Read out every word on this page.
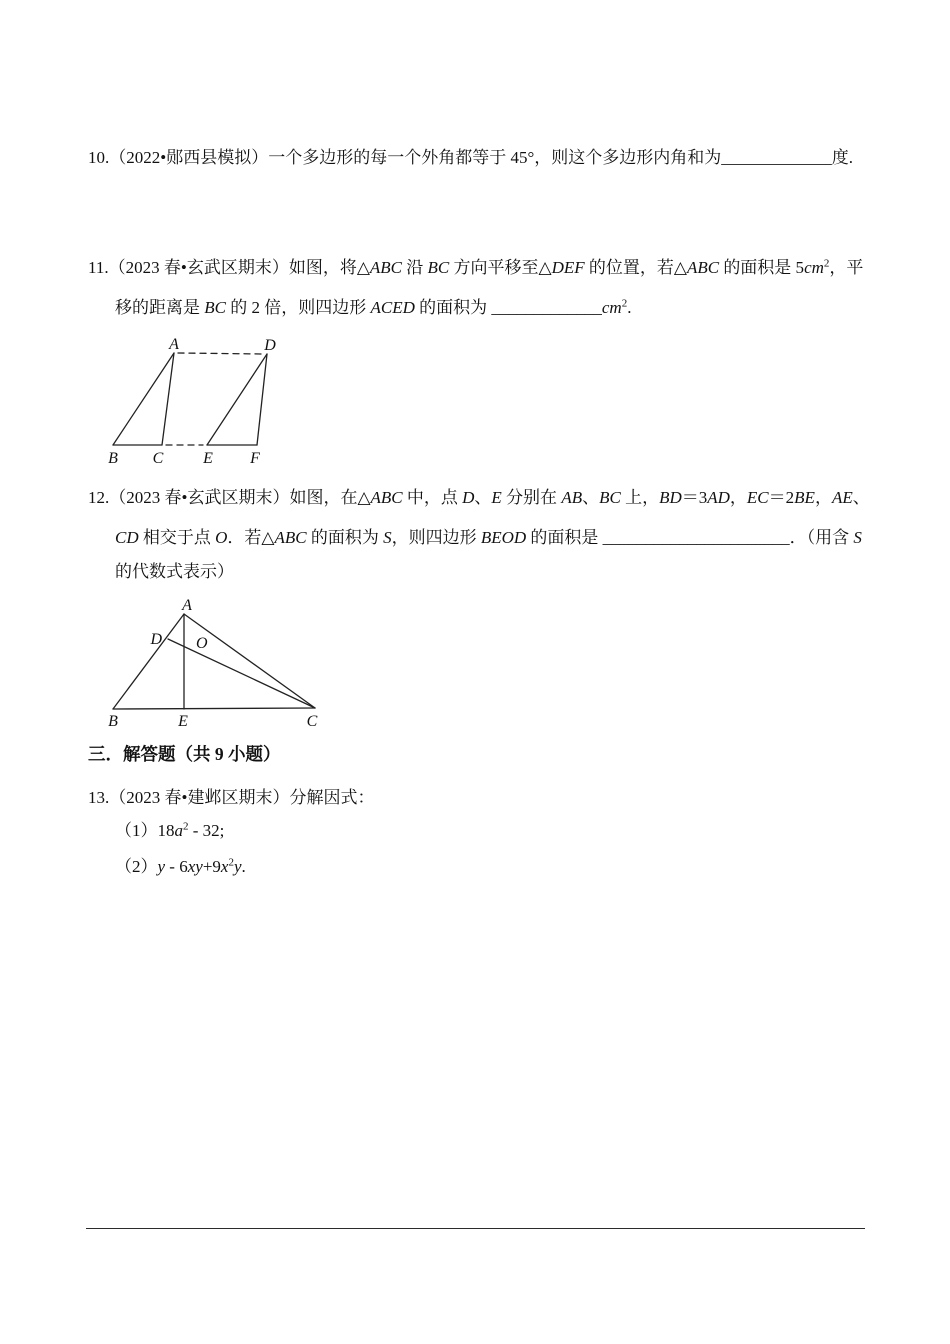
10.（2022•郧西县模拟）一个多边形的每一个外角都等于 45°，则这个多边形内角和为_____________度.
11.（2023 春•玄武区期末）如图，将△ABC 沿 BC 方向平移至△DEF 的位置，若△ABC 的面积是 $5cm^2$，平
移的距离是 BC 的 2 倍，则四边形 ACED 的面积为 $\_\_\_\_\_\_\_\_\_\_\_\_\_cm^2$.
A	D
B C E F
12.（2023 春•玄武区期末）如图，在△ABC 中，点 D、E 分别在 AB、BC 上，BD＝3AD，EC＝2BE，AE、
CD 相交于点 O．若△ABC 的面积为 S，则四边形 BEOD 的面积是 ______________________．（用含 S
的代数式表示）
A
B	C
D
E
O
三．解答题（共 9 小题）
13.（2023 春•建邺区期末）分解因式：
$(1)18a^2 - 32$;
$(2)y - 6xy+9x^2y$.
